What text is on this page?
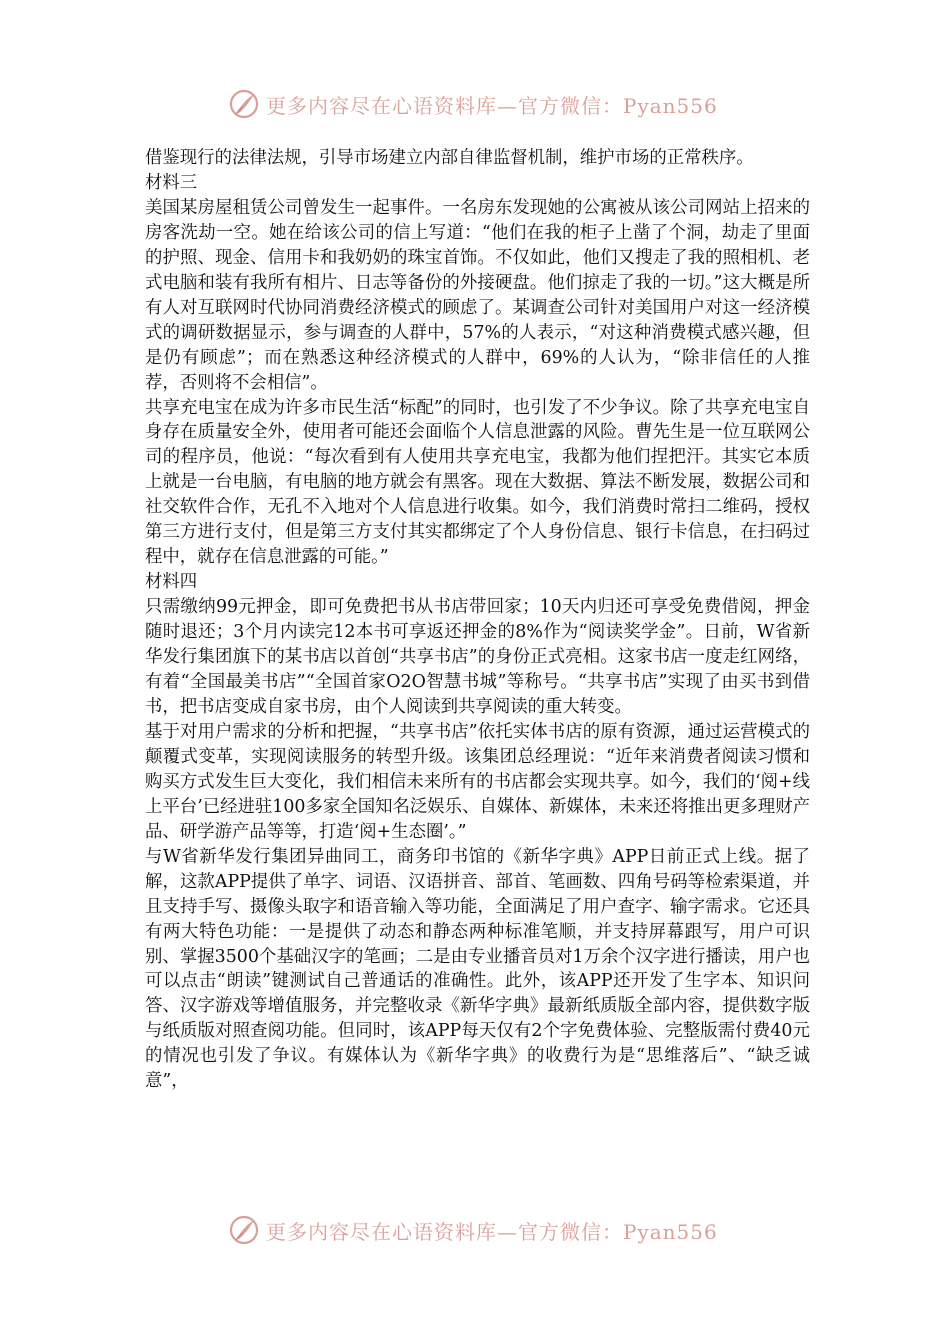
更多内容尽在心语资料库—官方微信：Pyan556

借鉴现行的法律法规，引导市场建立内部自律监督机制，维护市场的正常秩序。

材料三

美国某房屋租赁公司曾发生一起事件。一名房东发现她的公寓被从该公司网站上招来的房客洗劫一空。她在给该公司的信上写道：“他们在我的柜子上凿了个洞，劫走了里面的护照、现金、信用卡和我奶奶的珠宝首饰。不仅如此，他们又搜走了我的照相机、老式电脑和装有我所有相片、日志等备份的外接硬盘。他们掠走了我的一切。”这大概是所有人对互联网时代协同消费经济模式的顾虑了。某调查公司针对美国用户对这一经济模式的调研数据显示，参与调查的人群中，57%的人表示，“对这种消费模式感兴趣，但是仍有顾虑”；而在熟悉这种经济模式的人群中，69%的人认为，“除非信任的人推荐，否则将不会相信”。

共享充电宝在成为许多市民生活“标配”的同时，也引发了不少争议。除了共享充电宝自身存在质量安全外，使用者可能还会面临个人信息泄露的风险。曹先生是一位互联网公司的程序员，他说：“每次看到有人使用共享充电宝，我都为他们捏把汗。其实它本质上就是一台电脑，有电脑的地方就会有黑客。现在大数据、算法不断发展，数据公司和社交软件合作，无孔不入地对个人信息进行收集。如今，我们消费时常扫二维码，授权第三方进行支付，但是第三方支付其实都绑定了个人身份信息、银行卡信息，在扫码过程中，就存在信息泄露的可能。”

材料四

只需缴纳99元押金，即可免费把书从书店带回家；10天内归还可享受免费借阅，押金随时退还；3个月内读完12本书可享返还押金的8%作为“阅读奖学金”。日前，W省新华发行集团旗下的某书店以首创“共享书店”的身份正式亮相。这家书店一度走红网络，有着“全国最美书店”“全国首家O2O智慧书城”等称号。“共享书店”实现了由买书到借书，把书店变成自家书房，由个人阅读到共享阅读的重大转变。

基于对用户需求的分析和把握，“共享书店”依托实体书店的原有资源，通过运营模式的颠覆式变革，实现阅读服务的转型升级。该集团总经理说：“近年来消费者阅读习惯和购买方式发生巨大变化，我们相信未来所有的书店都会实现共享。如今，我们的‘阅+线上平台’已经进驻100多家全国知名泛娱乐、自媒体、新媒体，未来还将推出更多理财产品、研学游产品等等，打造‘阅+生态圈’。”

与W省新华发行集团异曲同工，商务印书馆的《新华字典》APP日前正式上线。据了解，这款APP提供了单字、词语、汉语拼音、部首、笔画数、四角号码等检索渠道，并且支持手写、摄像头取字和语音输入等功能，全面满足了用户查字、输字需求。它还具有两大特色功能：一是提供了动态和静态两种标准笔顺，并支持屏幕跟写，用户可识别、掌握3500个基础汉字的笔画；二是由专业播音员对1万余个汉字进行播读，用户也可以点击“朗读”键测试自己普通话的准确性。此外，该APP还开发了生字本、知识问答、汉字游戏等增值服务，并完整收录《新华字典》最新纸质版全部内容，提供数字版与纸质版对照查阅功能。但同时，该APP每天仅有2个字免费体验、完整版需付费40元的情况也引发了争议。有媒体认为《新华字典》的收费行为是“思维落后”、“缺乏诚意”，

更多内容尽在心语资料库—官方微信：Pyan556
